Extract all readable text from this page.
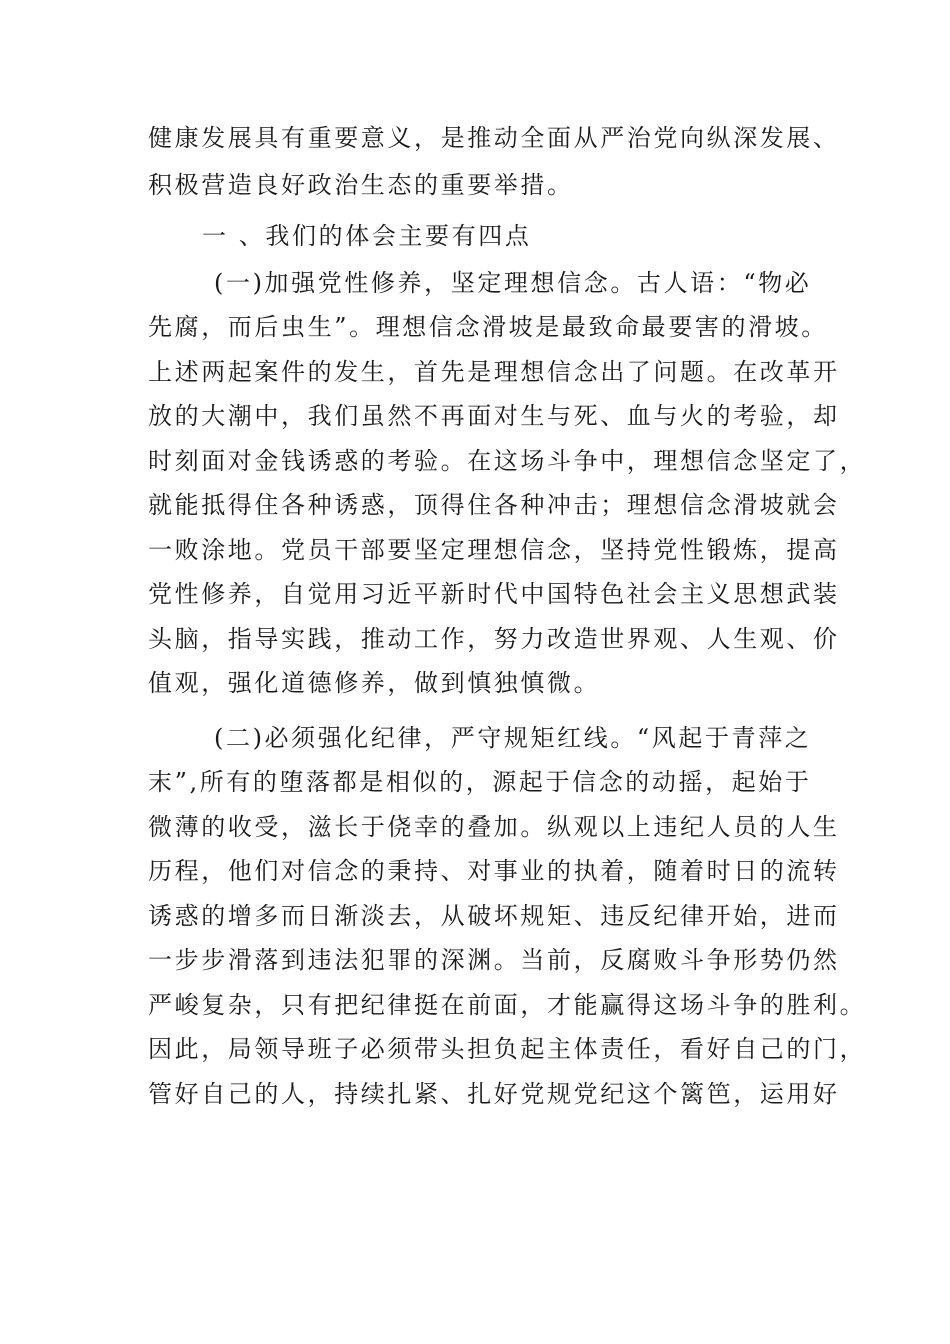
健康发展具有重要意义，是推动全面从严治党向纵深发展、
积极营造良好政治生态的重要举措。
一 、我们的体会主要有四点
(一)加强党性修养，坚定理想信念。古人语：“物必
先腐，而后虫生”。理想信念滑坡是最致命最要害的滑坡。
上述两起案件的发生，首先是理想信念出了问题。在改革开
放的大潮中，我们虽然不再面对生与死、血与火的考验，却
时刻面对金钱诱惑的考验。在这场斗争中，理想信念坚定了，
就能抵得住各种诱惑，顶得住各种冲击；理想信念滑坡就会
一败涂地。党员干部要坚定理想信念，坚持党性锻炼，提高
党性修养，自觉用习近平新时代中国特色社会主义思想武装
头脑，指导实践，推动工作，努力改造世界观、人生观、价
值观，强化道德修养，做到慎独慎微。
(二)必须强化纪律，严守规矩红线。“风起于青萍之
末”,所有的堕落都是相似的，源起于信念的动摇，起始于
微薄的收受，滋长于侥幸的叠加。纵观以上违纪人员的人生
历程，他们对信念的秉持、对事业的执着，随着时日的流转
诱惑的增多而日渐淡去，从破坏规矩、违反纪律开始，进而
一步步滑落到违法犯罪的深渊。当前，反腐败斗争形势仍然
严峻复杂，只有把纪律挺在前面，才能赢得这场斗争的胜利。
因此，局领导班子必须带头担负起主体责任，看好自己的门，
管好自己的人，持续扎紧、扎好党规党纪这个篱笆，运用好
